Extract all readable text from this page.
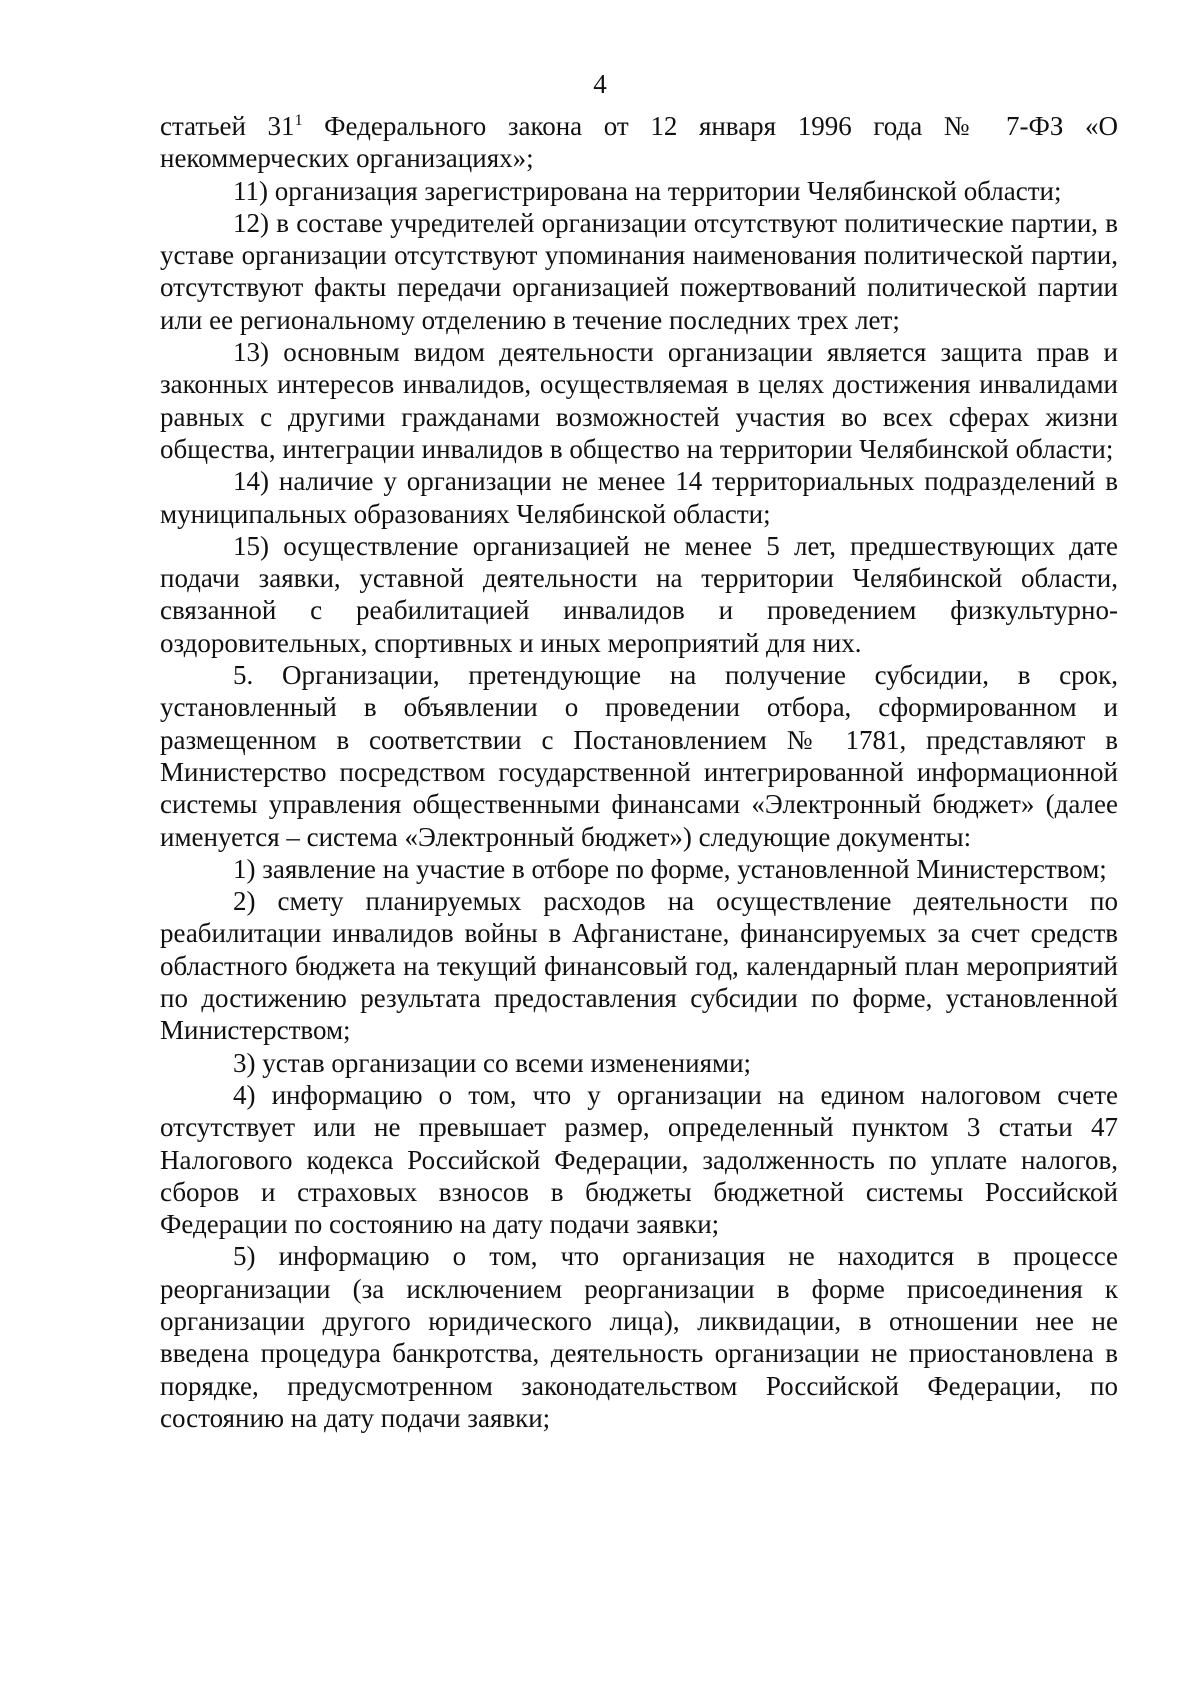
4

статьей $31^1$ Федерального закона от 12 января 1996 года № 7-ФЗ «О некоммерческих организациях»;

11) организация зарегистрирована на территории Челябинской области;

12) в составе учредителей организации отсутствуют политические партии, в уставе организации отсутствуют упоминания наименования политической партии, отсутствуют факты передачи организацией пожертвований политической партии или ее региональному отделению в течение последних трех лет;

13) основным видом деятельности организации является защита прав и законных интересов инвалидов, осуществляемая в целях достижения инвалидами равных с другими гражданами возможностей участия во всех сферах жизни общества, интеграции инвалидов в общество на территории Челябинской области;

14) наличие у организации не менее 14 территориальных подразделений в муниципальных образованиях Челябинской области;

15) осуществление организацией не менее 5 лет, предшествующих дате подачи заявки, уставной деятельности на территории Челябинской области, связанной с реабилитацией инвалидов и проведением физкультурно-оздоровительных, спортивных и иных мероприятий для них.

5. Организации, претендующие на получение субсидии, в срок, установленный в объявлении о проведении отбора, сформированном и размещенном в соответствии с Постановлением № 1781, представляют в Министерство посредством государственной интегрированной информационной системы управления общественными финансами «Электронный бюджет» (далее именуется – система «Электронный бюджет») следующие документы:

1) заявление на участие в отборе по форме, установленной Министерством;

2) смету планируемых расходов на осуществление деятельности по реабилитации инвалидов войны в Афганистане, финансируемых за счет средств областного бюджета на текущий финансовый год, календарный план мероприятий по достижению результата предоставления субсидии по форме, установленной Министерством;

3) устав организации со всеми изменениями;

4) информацию о том, что у организации на едином налоговом счете отсутствует или не превышает размер, определенный пунктом 3 статьи 47 Налогового кодекса Российской Федерации, задолженность по уплате налогов, сборов и страховых взносов в бюджеты бюджетной системы Российской Федерации по состоянию на дату подачи заявки;

5) информацию о том, что организация не находится в процессе реорганизации (за исключением реорганизации в форме присоединения к организации другого юридического лица), ликвидации, в отношении нее не введена процедура банкротства, деятельность организации не приостановлена в порядке, предусмотренном законодательством Российской Федерации, по состоянию на дату подачи заявки;
